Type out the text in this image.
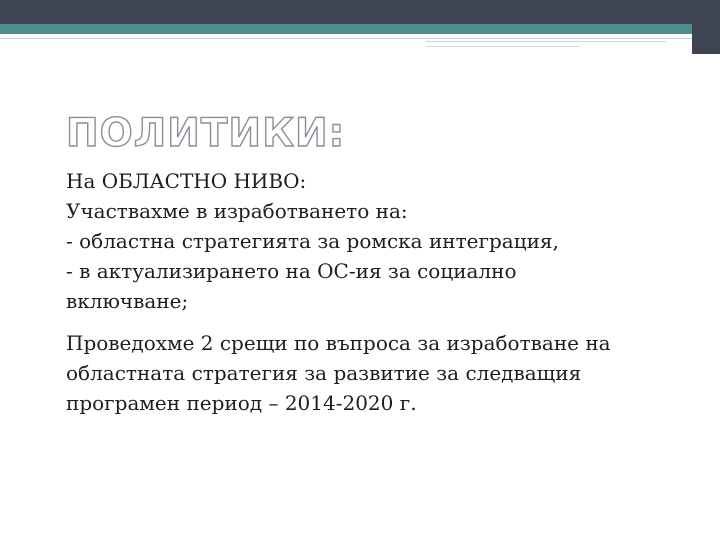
ПОЛИТИКИ:
На ОБЛАСТНО НИВО:
Участвахме в изработването на:
- областна стратегията за ромска интеграция,
- в актуализирането на ОС-ия за социално
включване;
Проведохме 2 срещи по въпроса за изработване на
областната стратегия за развитие за следващия
програмен период – 2014-2020 г.
